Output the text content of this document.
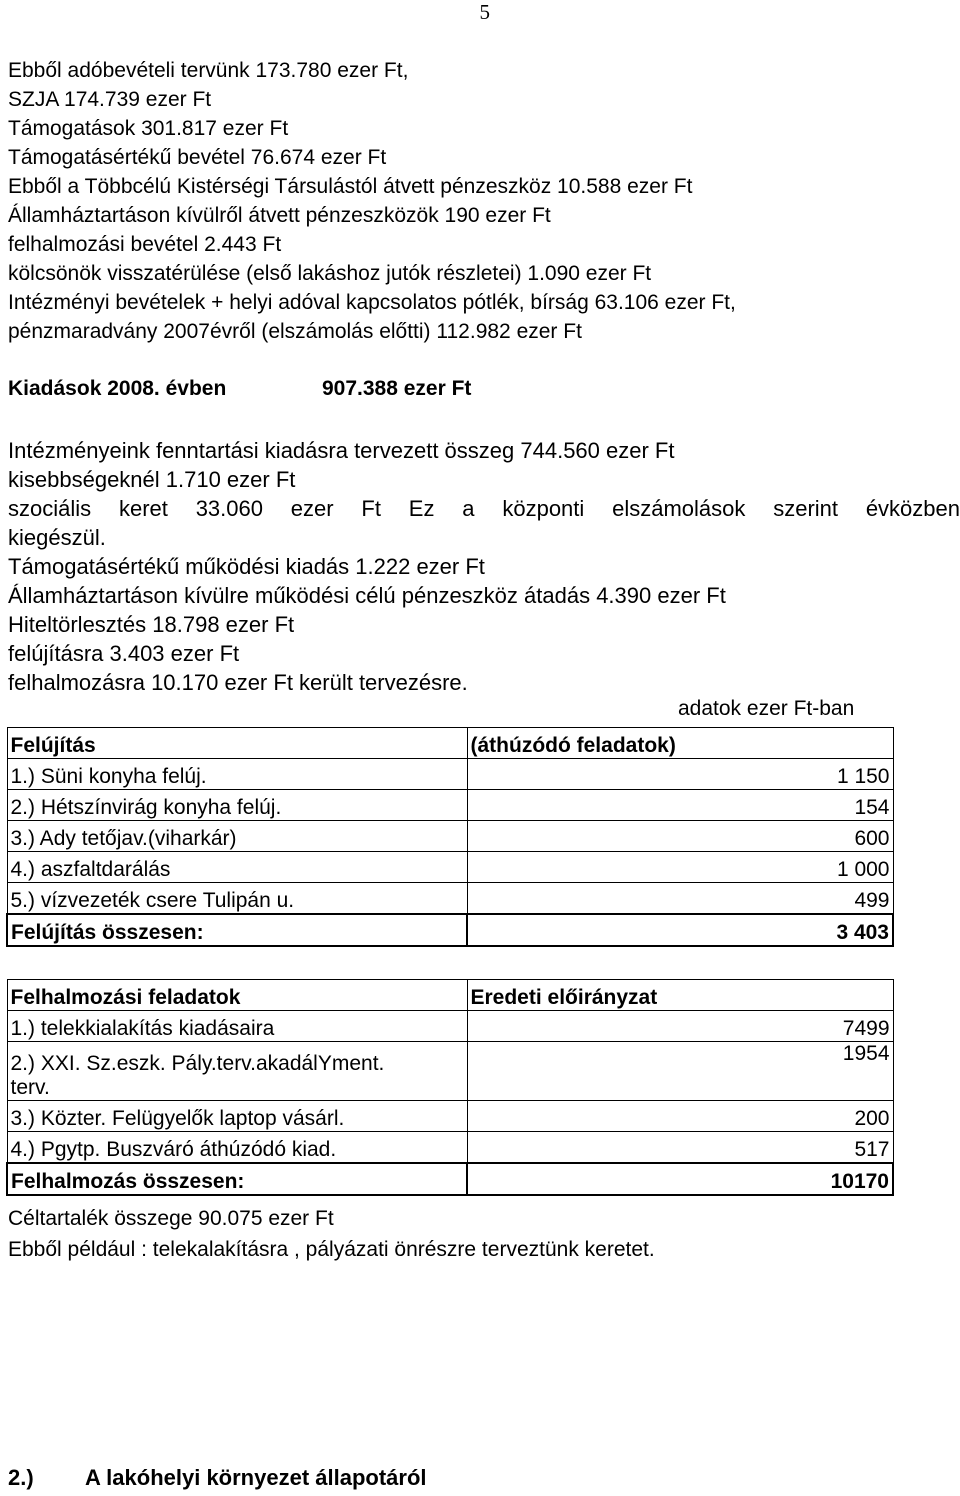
5
Ebből adóbevételi tervünk 173.780 ezer Ft,
SZJA 174.739 ezer Ft
Támogatások 301.817 ezer Ft
Támogatásértékű bevétel 76.674 ezer Ft
Ebből a Többcélú Kistérségi Társulástól átvett pénzeszköz 10.588 ezer Ft
Államháztartáson kívülről átvett pénzeszközök 190 ezer Ft
felhalmozási bevétel 2.443 Ft
kölcsönök visszatérülése (első lakáshoz jutók részletei) 1.090 ezer Ft
Intézményi bevételek + helyi adóval kapcsolatos pótlék, bírság 63.106 ezer Ft,
pénzmaradvány 2007évről (elszámolás előtti) 112.982 ezer Ft
Kiadások 2008. évben	907.388 ezer Ft
Intézményeink fenntartási kiadásra tervezett összeg 744.560 ezer Ft
kisebbségeknél 1.710 ezer Ft
szociális keret 33.060 ezer Ft Ez a központi elszámolások szerint évközben
kiegészül.
Támogatásértékű működési kiadás 1.222 ezer Ft
Államháztartáson kívülre működési célú pénzeszköz átadás 4.390 ezer Ft
Hiteltörlesztés 18.798 ezer Ft
felújításra 3.403 ezer Ft
felhalmozásra 10.170 ezer Ft került tervezésre.
adatok ezer Ft-ban
Felújítás	(áthúzódó feladatok)
1.) Süni konyha felúj.	1 150
2.) Hétszínvirág konyha felúj.	154
3.) Ady tetőjav.(viharkár)	600
4.) aszfaltdarálás	1 000
5.) vízvezeték csere Tulipán u.	499
Felújítás összesen:	3 403
Felhalmozási feladatok	Eredeti előirányzat
1.) telekkialakítás kiadásaira	7499

2.) XXI. Sz.eszk. Pály.terv.akadálYment.
terv.	1954
3.) Közter. Felügyelők laptop vásárl.	200
4.) Pgytp. Buszváró áthúzódó kiad.	517
Felhalmozás összesen:	10170
Céltartalék összege 90.075 ezer Ft
Ebből például : telekalakításra , pályázati önrészre terveztünk keretet.
2.) A lakóhelyi környezet állapotáról
